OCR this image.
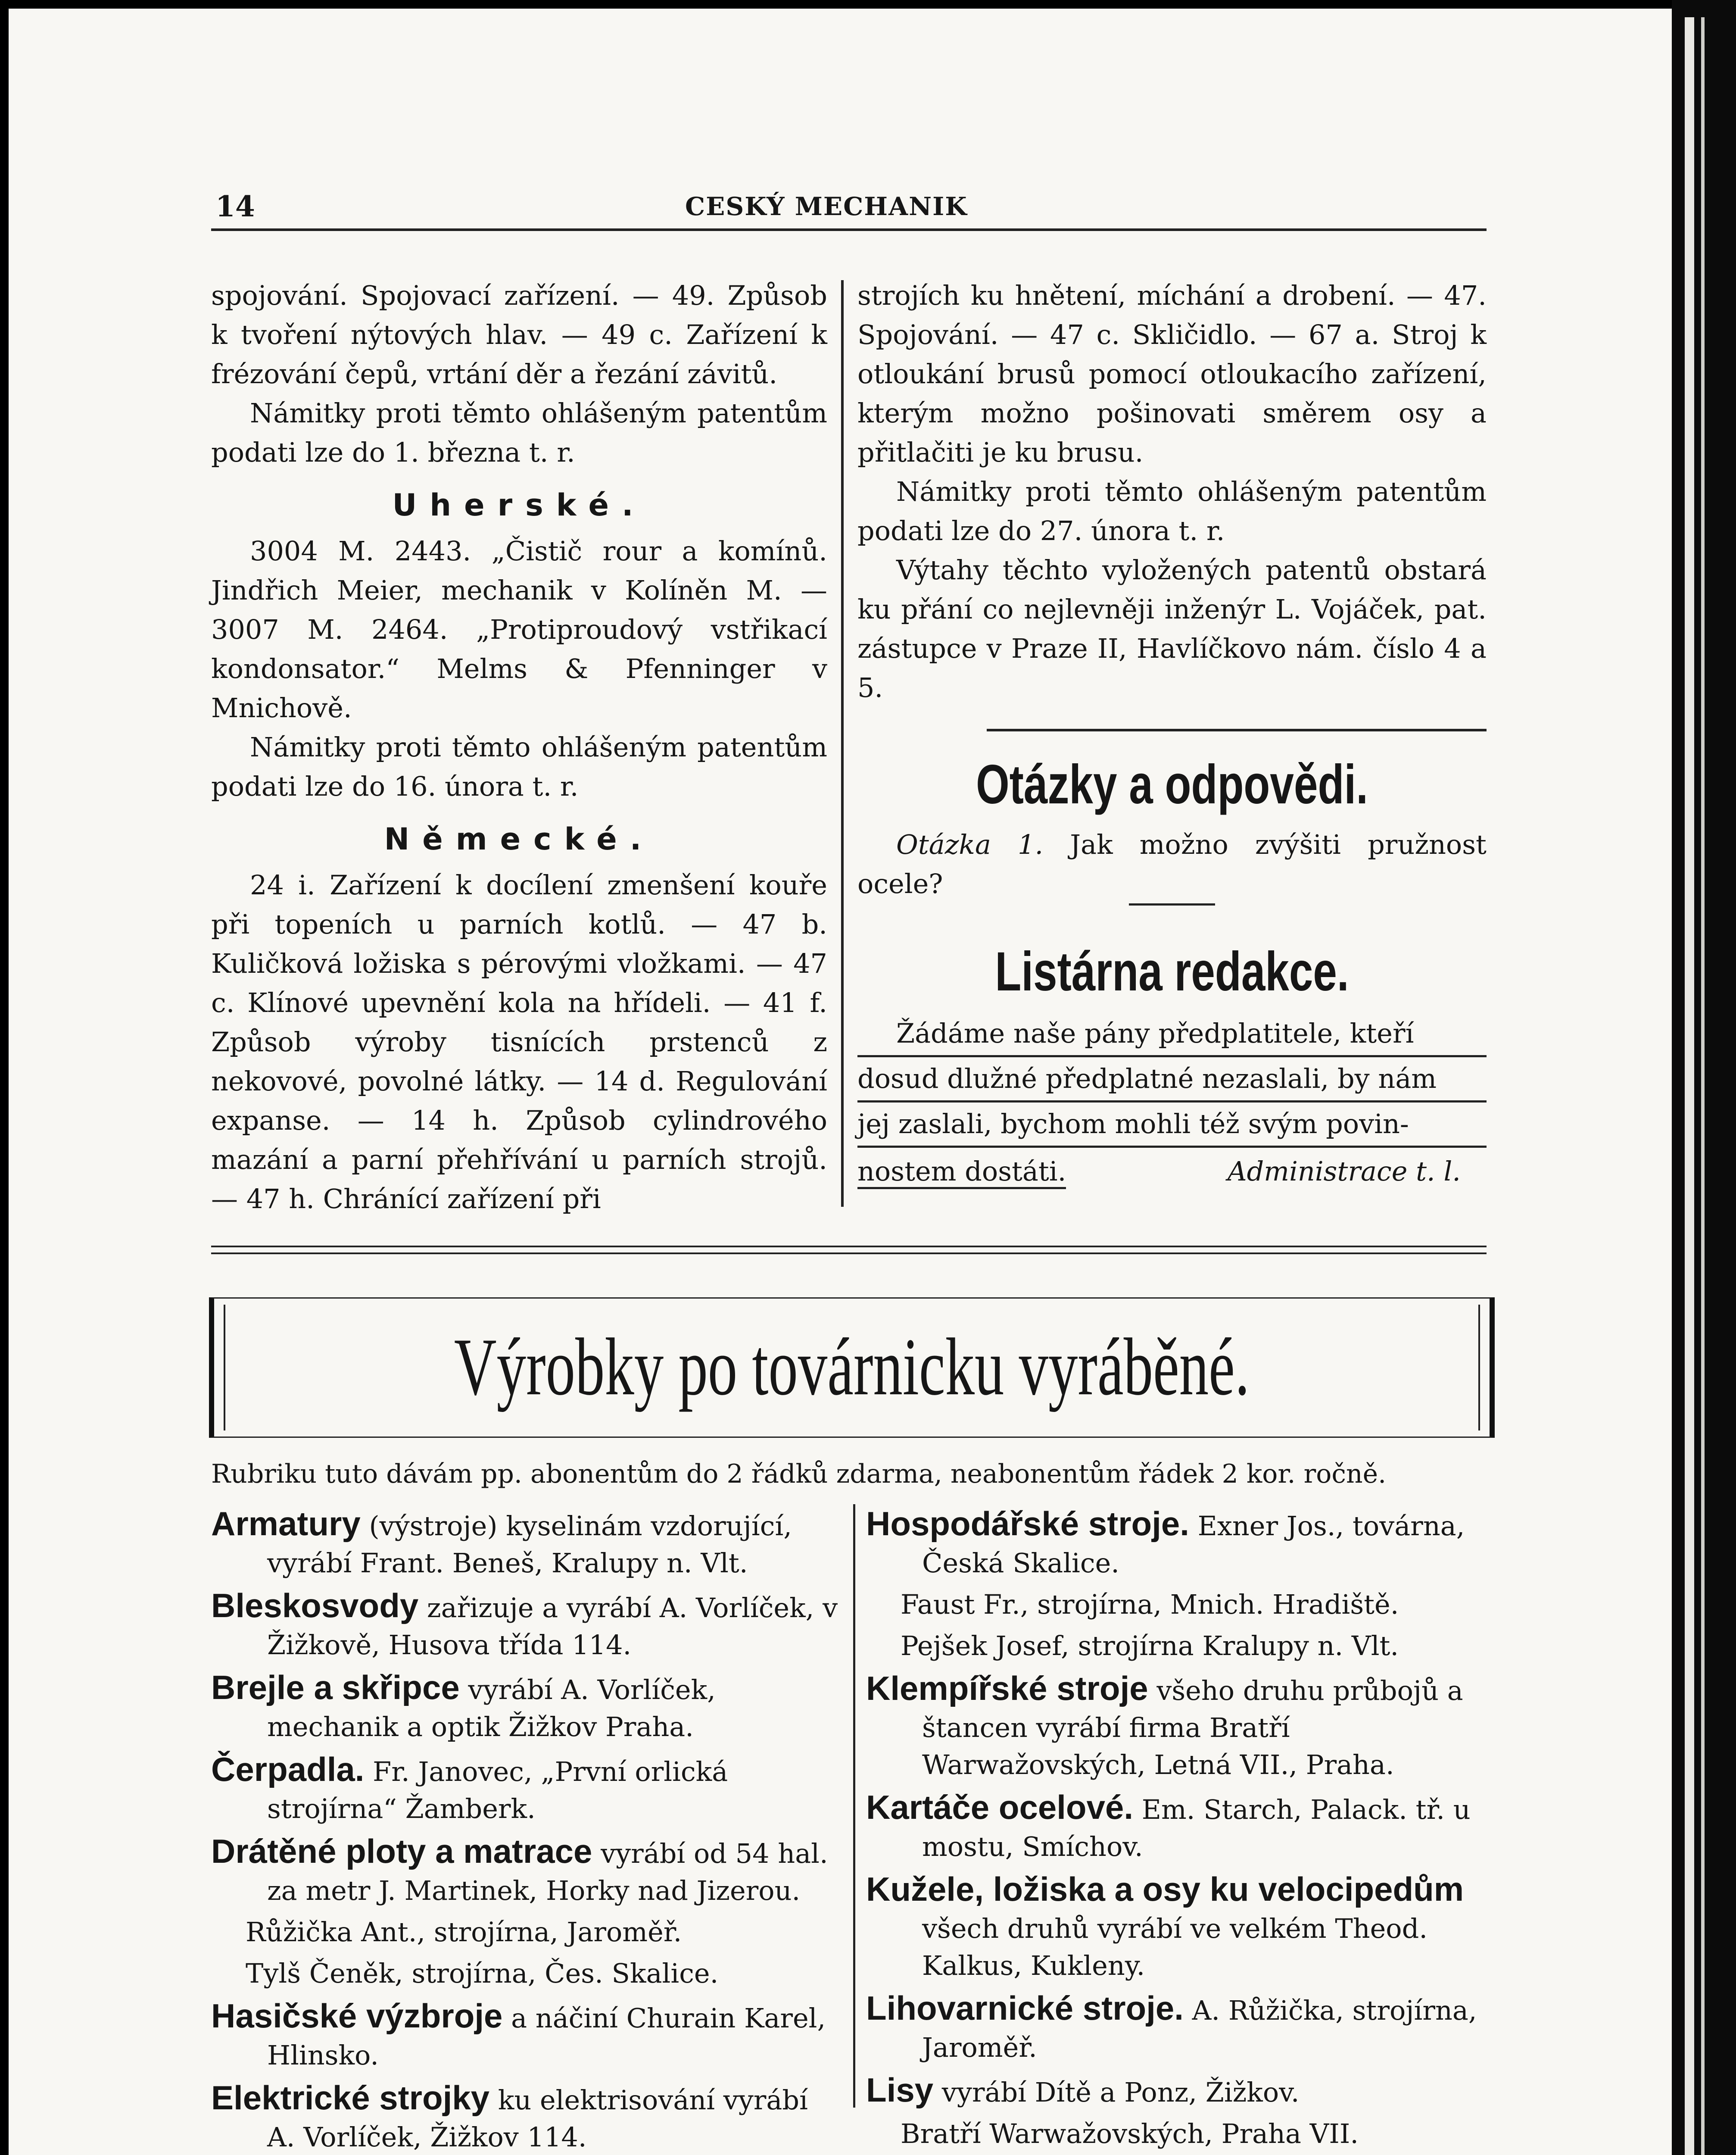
14	CESKÝ MECHANIK

spojování. Spojovací zařízení. — 49. Způsob k tvoření nýtových hlav. — 49 c. Zařízení k frézování čepů, vrtání děr a řezání závitů.

Námitky proti těmto ohlášeným patentům podati lze do 1. března t. r.

Uherské.

3004 M. 2443. „Čistič rour a komínů. Jindřich Meier, mechanik v Kolíněn M. — 3007 M. 2464. „Protiproudový vstřikací kondonsator.“ Melms & Pfenninger v Mnichově.

Námitky proti těmto ohlášeným patentům podati lze do 16. února t. r.

Německé.

24 i. Zařízení k docílení zmenšení kouře při topeních u parních kotlů. — 47 b. Kuličková ložiska s pérovými vložkami. — 47 c. Klínové upevnění kola na hřídeli. — 41 f. Způsob výroby tisnících prstenců z nekovové, povolné látky. — 14 d. Regulování expanse. — 14 h. Způsob cylindrového mazání a parní přehřívání u parních strojů. — 47 h. Chránící zařízení při

strojích ku hnětení, míchání a drobení. — 47. Spojování. — 47 c. Skličidlo. — 67 a. Stroj k otloukání brusů pomocí otloukacího zařízení, kterým možno pošinovati směrem osy a přitlačiti je ku brusu.

Námitky proti těmto ohlášeným patentům podati lze do 27. února t. r.

Výtahy těchto vyložených patentů obstará ku přání co nejlevněji inženýr L. Vojáček, pat. zástupce v Praze II, Havlíčkovo nám. číslo 4 a 5.

Otázky a odpovědi.

Otázka 1. Jak možno zvýšiti pružnost ocele?

Listárna redakce.

Žádáme naše pány předplatitele, kteří

dosud dlužné předplatné nezaslali, by nám

jej zaslali, bychom mohli též svým povin-

nostem dostáti.	Administrace t. l.

Výrobky po továrnicku vyráběné.
Rubriku tuto dávám pp. abonentům do 2 řádků zdarma, neabonentům řádek 2 kor. ročně.

Armatury (výstroje) kyselinám vzdorující, vyrábí Frant. Beneš, Kralupy n. Vlt.

Bleskosvody zařizuje a vyrábí A. Vorlíček, v Žižkově, Husova třída 114.

Brejle a skřipce vyrábí A. Vorlíček, mechanik a optik Žižkov Praha.

Čerpadla. Fr. Janovec, „První orlická strojírna“ Žamberk.

Drátěné ploty a matrace vyrábí od 54 hal. za metr J. Martinek, Horky nad Jizerou.

Růžička Ant., strojírna, Jaroměř.

Tylš Čeněk, strojírna, Čes. Skalice.

Hasičské výzbroje a náčiní Churain Karel, Hlinsko.

Elektrické strojky ku elektrisování vyrábí A. Vorlíček, Žižkov 114.

Hospodářské stroje. Exner Jos., továrna, Česká Skalice.

Faust Fr., strojírna, Mnich. Hradiště.

Pejšek Josef, strojírna Kralupy n. Vlt.

Klempířské stroje všeho druhu průbojů a štancen vyrábí firma Bratří Warwažovských, Letná VII., Praha.

Kartáče ocelové. Em. Starch, Palack. tř. u mostu, Smíchov.

Kužele, ložiska a osy ku velocipedům všech druhů vyrábí ve velkém Theod. Kalkus, Kukleny.

Lihovarnické stroje. A. Růžička, strojírna, Jaroměř.

Lisy vyrábí Dítě a Ponz, Žižkov.

Bratří Warwažovských, Praha VII.
